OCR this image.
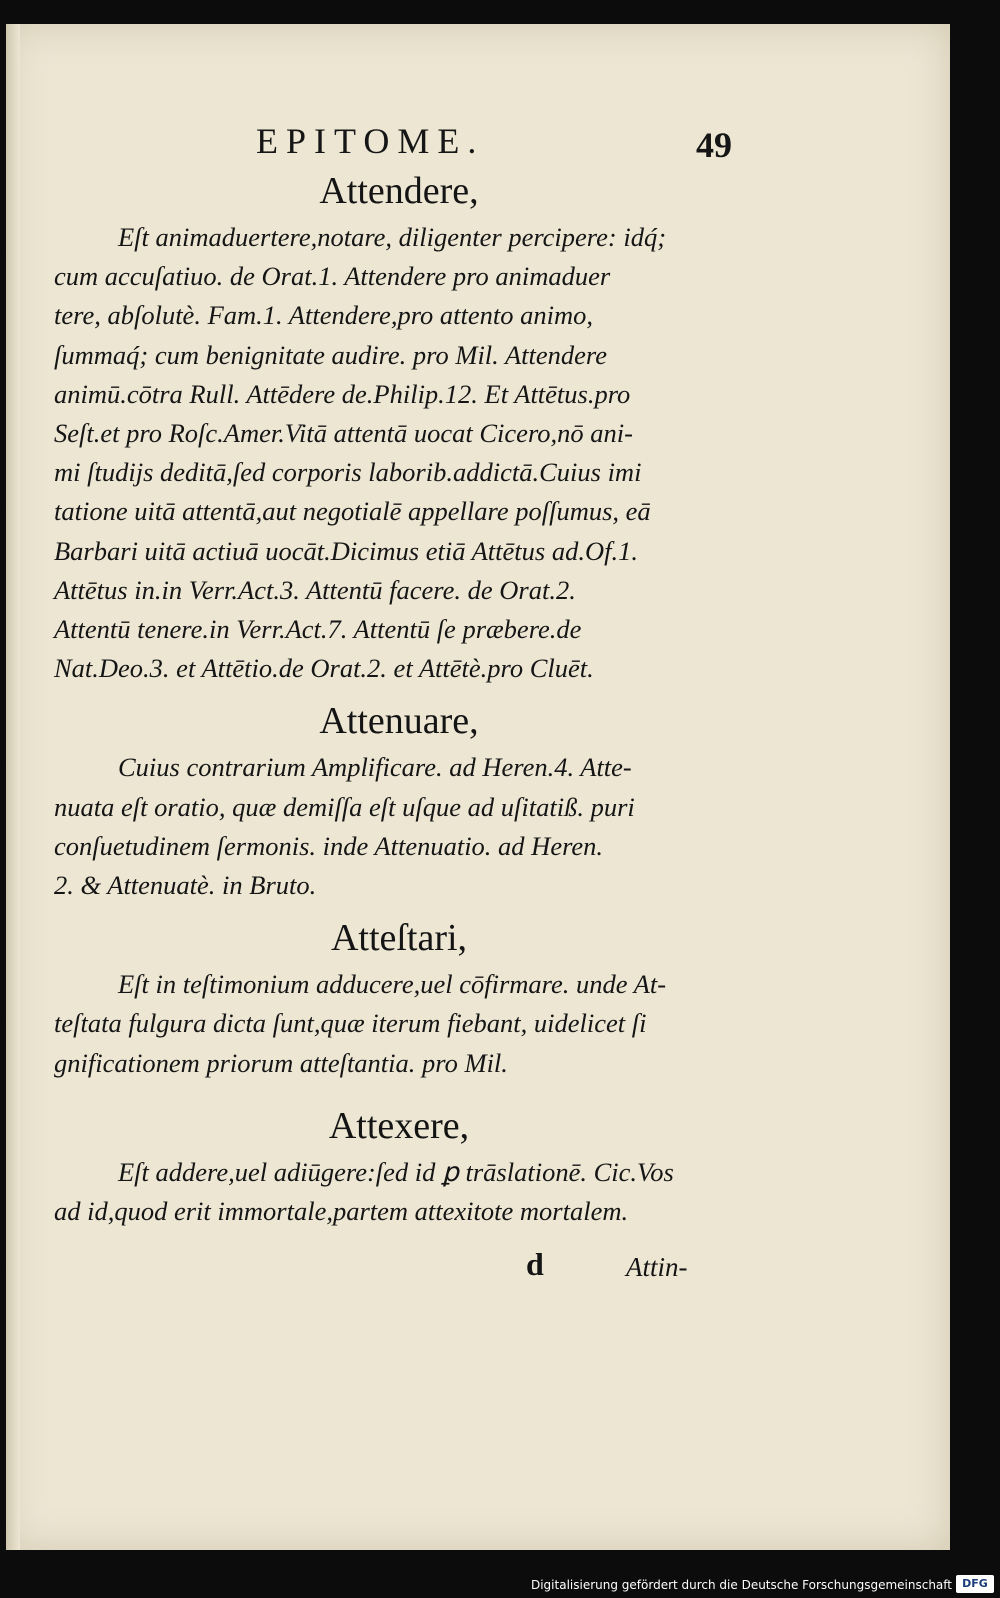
EPITOME.	49
Attendere,

Eſt animaduertere,notare, diligenter percipere: idq́;
cum accuſatiuo. de Orat.1. Attendere pro animaduer
tere, abſolutè. Fam.1. Attendere,pro attento animo,
ſummaq́; cum benignitate audire. pro Mil. Attendere
animū.cōtra Rull. Attēdere de.Philip.12. Et Attētus.pro
Seſt.et pro Roſc.Amer.Vitā attentā uocat Cicero,nō ani-
mi ſtudijs deditā,ſed corporis laborib.addictā.Cuius imi
tatione uitā attentā,aut negotialē appellare poſſumus, eā
Barbari uitā actiuā uocāt.Dicimus etiā Attētus ad.Of.1.
Attētus in.in Verr.Act.3. Attentū facere. de Orat.2.
Attentū tenere.in Verr.Act.7. Attentū ſe præbere.de
Nat.Deo.3. et Attētio.de Orat.2. et Attētè.pro Cluēt.

Attenuare,

Cuius contrarium Amplificare. ad Heren.4. Atte-
nuata eſt oratio, quæ demiſſa eſt uſque ad uſitatiß. puri
conſuetudinem ſermonis. inde Attenuatio. ad Heren.
2. & Attenuatè. in Bruto.

Atteſtari,

Eſt in teſtimonium adducere,uel cōfirmare. unde At-
teſtata fulgura dicta ſunt,quæ iterum fiebant, uidelicet ſi
gnificationem priorum atteſtantia. pro Mil.

Attexere,

Eſt addere,uel adiūgere:ſed id ꝑ trāslationē. Cic.Vos
ad id,quod erit immortale,partem attexitote mortalem.

d	Attin-
Digitalisierung gefördert durch die Deutsche Forschungsgemeinschaft DFG
